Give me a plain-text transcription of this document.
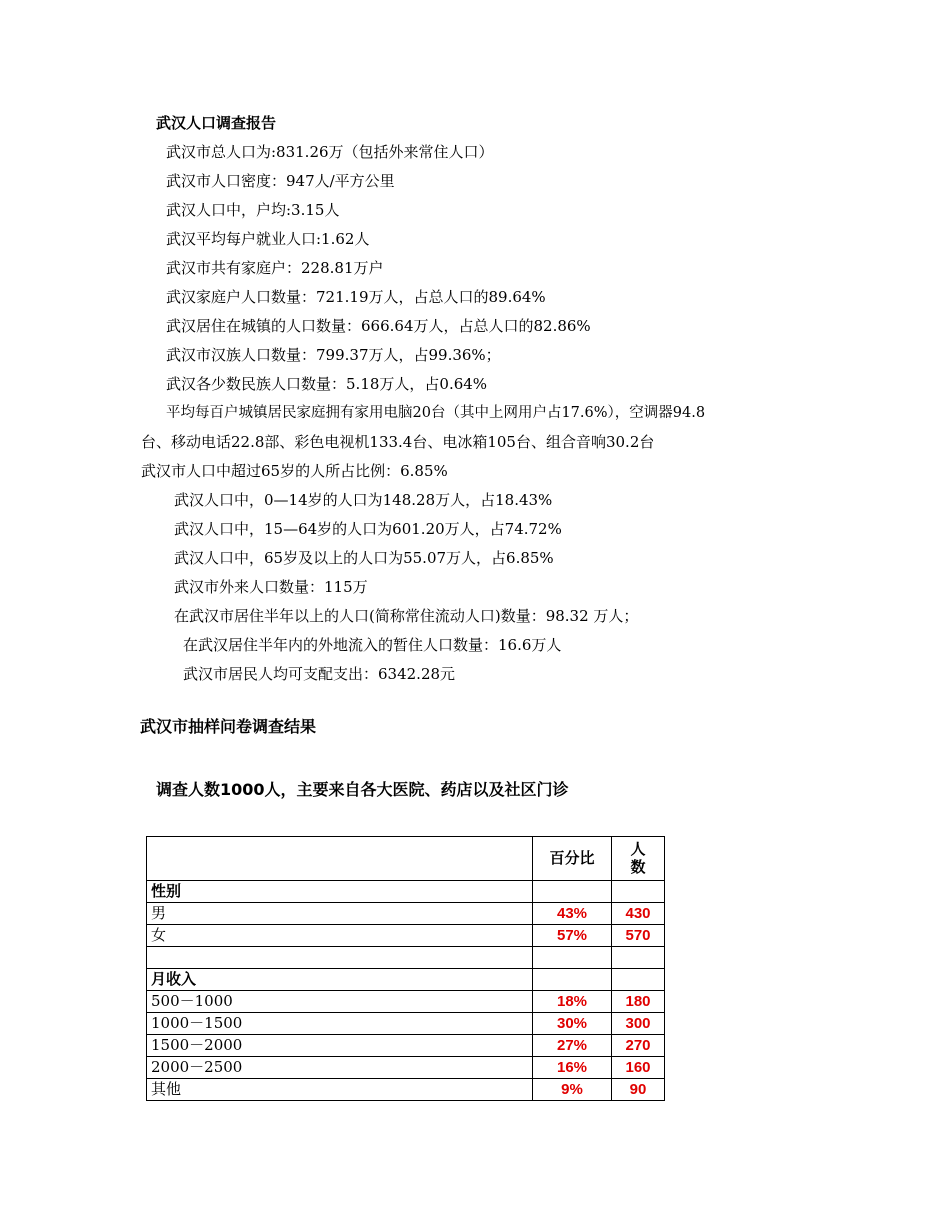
武汉人口调查报告
武汉市总人口为:831.26万（包括外来常住人口）
武汉市人口密度：947人/平方公里
武汉人口中，户均:3.15人
武汉平均每户就业人口:1.62人
武汉市共有家庭户：228.81万户
武汉家庭户人口数量：721.19万人，占总人口的89.64%
武汉居住在城镇的人口数量：666.64万人，占总人口的82.86%
武汉市汉族人口数量：799.37万人，占99.36%；
武汉各少数民族人口数量：5.18万人，占0.64%
平均每百户城镇居民家庭拥有家用电脑20台（其中上网用户占17.6%），空调器94.8
台、移动电话22.8部、彩色电视机133.4台、电冰箱105台、组合音响30.2台
武汉市人口中超过65岁的人所占比例：6.85%
武汉人口中，0—14岁的人口为148.28万人，占18.43%
武汉人口中，15—64岁的人口为601.20万人，占74.72%
武汉人口中，65岁及以上的人口为55.07万人，占6.85%
武汉市外来人口数量：115万
在武汉市居住半年以上的人口(简称常住流动人口)数量：98.32 万人；
在武汉居住半年内的外地流入的暂住人口数量：16.6万人
武汉市居民人均可支配支出：6342.28元
武汉市抽样问卷调查结果
调查人数1000人，主要来自各大医院、药店以及社区门诊
	百分比	人
数
性别		
男	43%	430
女	57%	570

月收入		
500－1000	18%	180
1000－1500	30%	300
1500－2000	27%	270
2000－2500	16%	160
其他	9%	90
